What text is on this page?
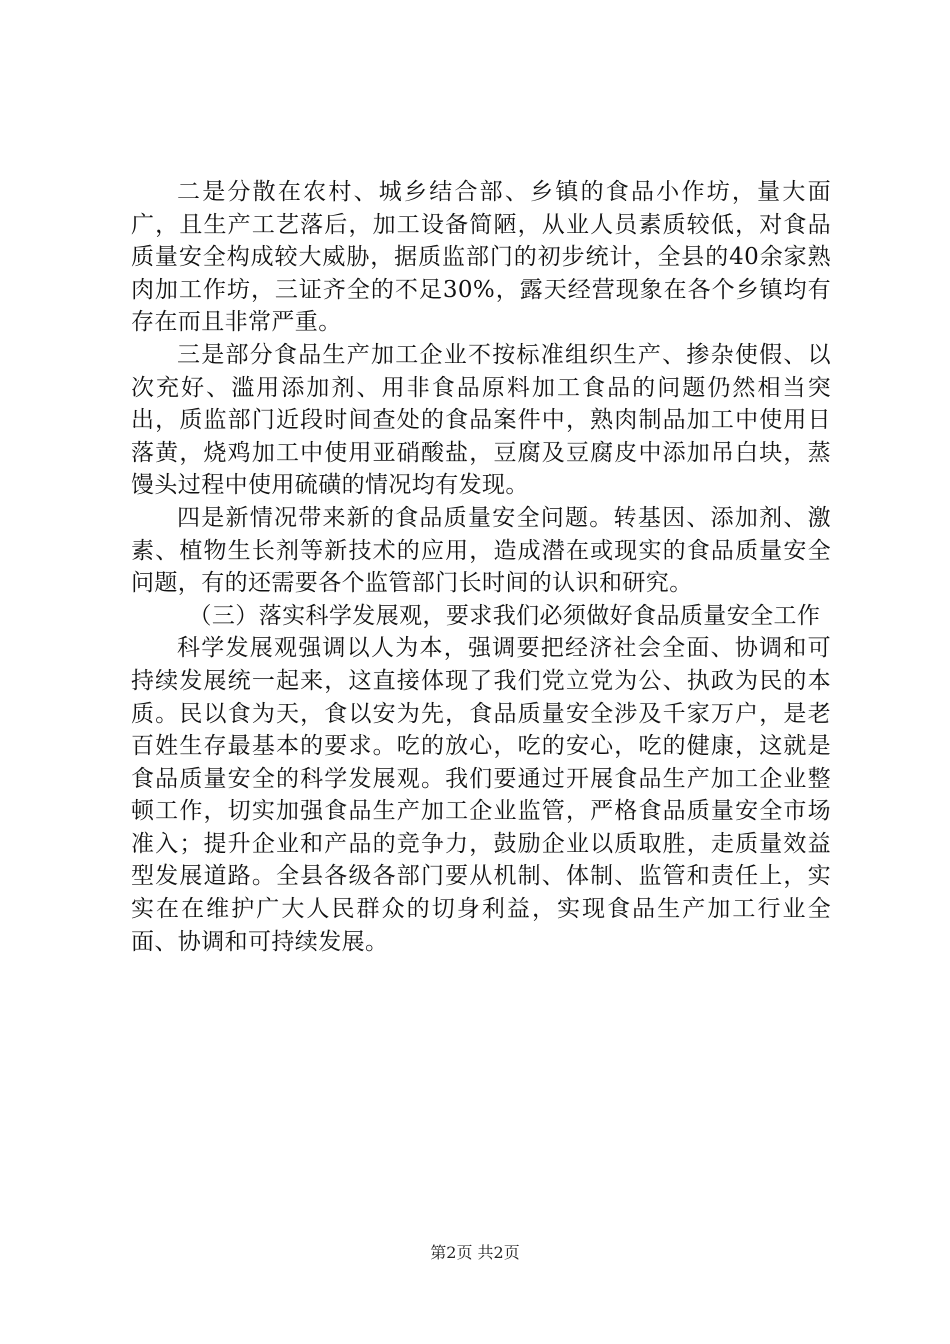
二是分散在农村、城乡结合部、乡镇的食品小作坊，量大面广，且生产工艺落后，加工设备简陋，从业人员素质较低，对食品质量安全构成较大威胁，据质监部门的初步统计，全县的40余家熟肉加工作坊，三证齐全的不足30%，露天经营现象在各个乡镇均有存在而且非常严重。

三是部分食品生产加工企业不按标准组织生产、掺杂使假、以次充好、滥用添加剂、用非食品原料加工食品的问题仍然相当突出，质监部门近段时间查处的食品案件中，熟肉制品加工中使用日落黄，烧鸡加工中使用亚硝酸盐，豆腐及豆腐皮中添加吊白块，蒸馒头过程中使用硫磺的情况均有发现。

四是新情况带来新的食品质量安全问题。转基因、添加剂、激素、植物生长剂等新技术的应用，造成潜在或现实的食品质量安全问题，有的还需要各个监管部门长时间的认识和研究。

（三）落实科学发展观，要求我们必须做好食品质量安全工作

科学发展观强调以人为本，强调要把经济社会全面、协调和可持续发展统一起来，这直接体现了我们党立党为公、执政为民的本质。民以食为天，食以安为先，食品质量安全涉及千家万户，是老百姓生存最基本的要求。吃的放心，吃的安心，吃的健康，这就是食品质量安全的科学发展观。我们要通过开展食品生产加工企业整顿工作，切实加强食品生产加工企业监管，严格食品质量安全市场准入；提升企业和产品的竞争力，鼓励企业以质取胜，走质量效益型发展道路。全县各级各部门要从机制、体制、监管和责任上，实实在在维护广大人民群众的切身利益，实现食品生产加工行业全面、协调和可持续发展。

第2页 共2页
